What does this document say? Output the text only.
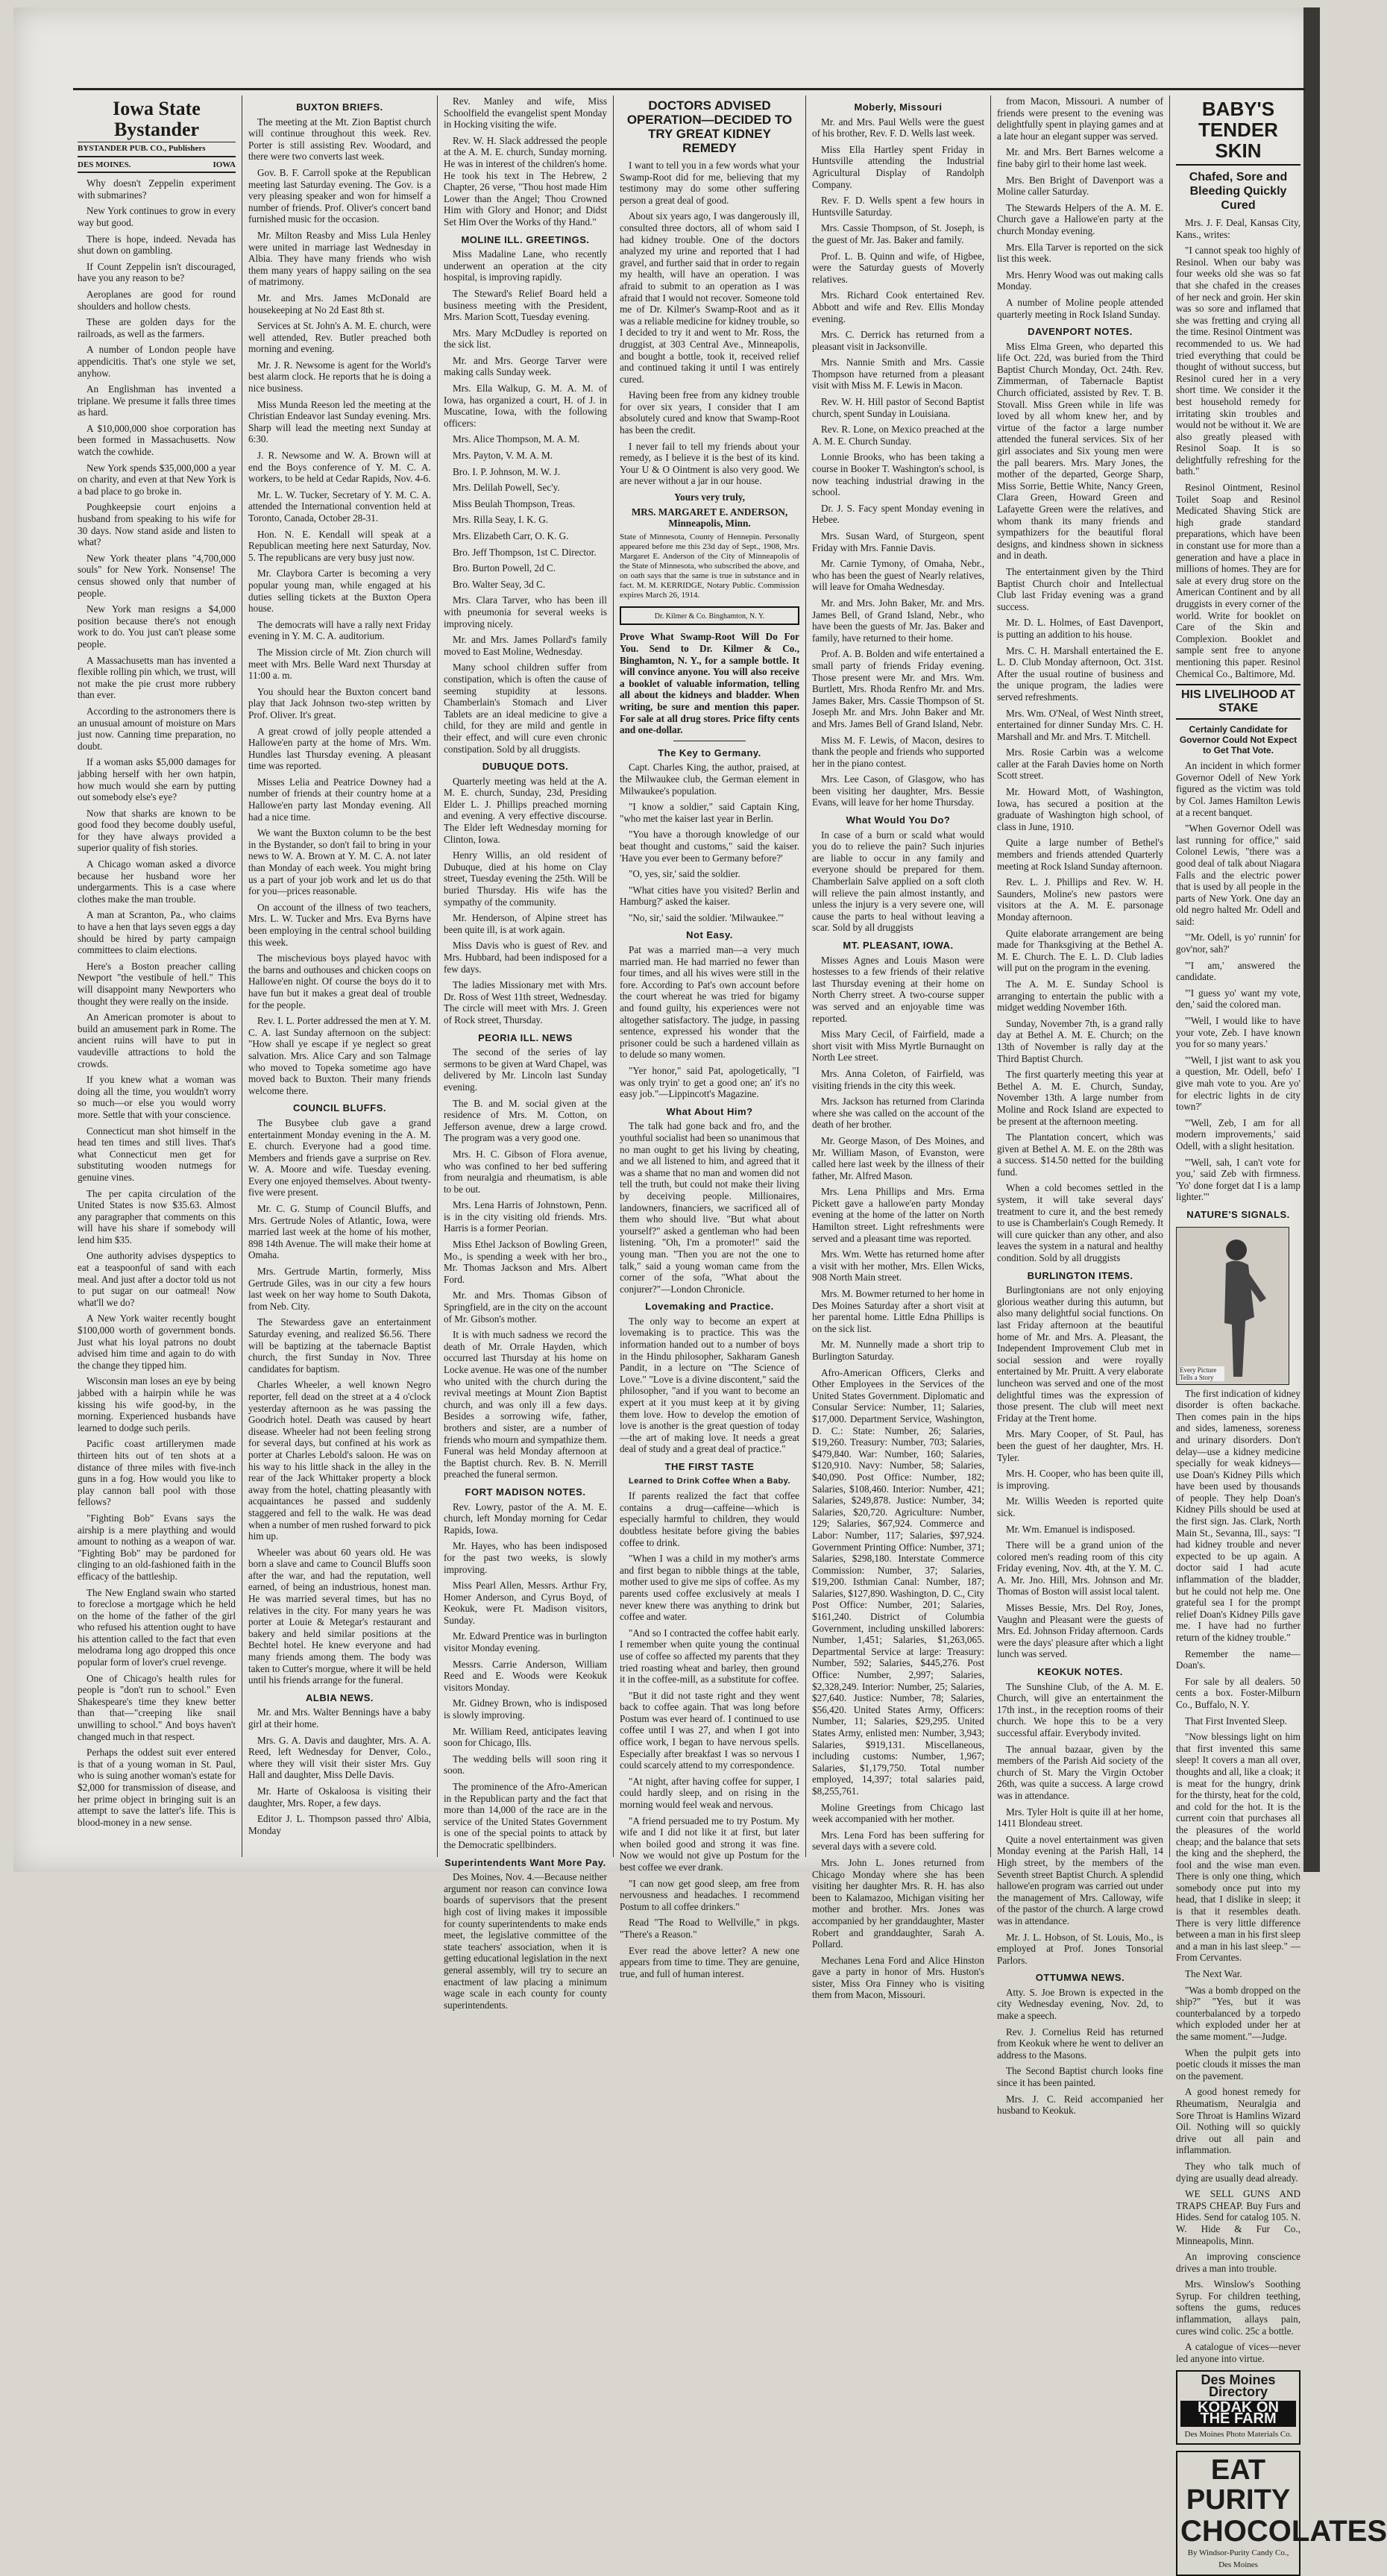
Iowa State Bystander
BYSTANDER PUB. CO., Publishers
DES MOINES.	IOWA
Why doesn't Zeppelin experiment with submarines?
New York continues to grow in every way but good.
There is hope, indeed. Nevada has shut down on gambling.
If Count Zeppelin isn't discouraged, have you any reason to be?
Aeroplanes are good for round shoulders and hollow chests.
These are golden days for the railroads, as well as the farmers.
A number of London people have appendicitis. That's one style we set, anyhow.
An Englishman has invented a triplane. We presume it falls three times as hard.
A $10,000,000 shoe corporation has been formed in Massachusetts. Now watch the cowhide.
New York spends $35,000,000 a year on charity, and even at that New York is a bad place to go broke in.
Poughkeepsie court enjoins a husband from speaking to his wife for 30 days. Now stand aside and listen to what?
New York theater plans "4,700,000 souls" for New York. Nonsense! The census showed only that number of people.
New York man resigns a $4,000 position because there's not enough work to do. You just can't please some people.
A Massachusetts man has invented a flexible rolling pin which, we trust, will not make the pie crust more rubbery than ever.
According to the astronomers there is an unusual amount of moisture on Mars just now. Canning time preparation, no doubt.
If a woman asks $5,000 damages for jabbing herself with her own hatpin, how much would she earn by putting out somebody else's eye?
Now that sharks are known to be good food they become doubly useful, for they have always provided a superior quality of fish stories.
A Chicago woman asked a divorce because her husband wore her undergarments. This is a case where clothes make the man trouble.
A man at Scranton, Pa., who claims to have a hen that lays seven eggs a day should be hired by party campaign committees to claim elections.
Here's a Boston preacher calling Newport "the vestibule of hell." This will disappoint many Newporters who thought they were really on the inside.
An American promoter is about to build an amusement park in Rome. The ancient ruins will have to put in vaudeville attractions to hold the crowds.
If you knew what a woman was doing all the time, you wouldn't worry so much—or else you would worry more. Settle that with your conscience.
Connecticut man shot himself in the head ten times and still lives. That's what Connecticut men get for substituting wooden nutmegs for genuine vines.
The per capita circulation of the United States is now $35.63. Almost any paragrapher that comments on this will have his share if somebody will lend him $35.
One authority advises dyspeptics to eat a teaspoonful of sand with each meal. And just after a doctor told us not to put sugar on our oatmeal! Now what'll we do?
A New York waiter recently bought $100,000 worth of government bonds. Just what his loyal patrons no doubt advised him time and again to do with the change they tipped him.
Wisconsin man loses an eye by being jabbed with a hairpin while he was kissing his wife good-by, in the morning. Experienced husbands have learned to dodge such perils.
Pacific coast artillerymen made thirteen hits out of ten shots at a distance of three miles with five-inch guns in a fog. How would you like to play cannon ball pool with those fellows?
"Fighting Bob" Evans says the airship is a mere plaything and would amount to nothing as a weapon of war. "Fighting Bob" may be pardoned for clinging to an old-fashioned faith in the efficacy of the battleship.
The New England swain who started to foreclose a mortgage which he held on the home of the father of the girl who refused his attention ought to have his attention called to the fact that even melodrama long ago dropped this once popular form of lover's cruel revenge.
One of Chicago's health rules for people is "don't run to school." Even Shakespeare's time they knew better than that—"creeping like snail unwilling to school." And boys haven't changed much in that respect.
Perhaps the oddest suit ever entered is that of a young woman in St. Paul, who is suing another woman's estate for $2,000 for transmission of disease, and her prime object in bringing suit is an attempt to save the latter's life. This is blood-money in a new sense.
BUXTON BRIEFS.
The meeting at the Mt. Zion Baptist church will continue throughout this week. Rev. Porter is still assisting Rev. Woodard, and there were two converts last week.
Gov. B. F. Carroll spoke at the Republican meeting last Saturday evening. The Gov. is a very pleasing speaker and won for himself a number of friends. Prof. Oliver's concert band furnished music for the occasion.
Mr. Milton Reasby and Miss Lula Henley were united in marriage last Wednesday in Albia. They have many friends who wish them many years of happy sailing on the sea of matrimony.
Mr. and Mrs. James McDonald are housekeeping at No 2d East 8th st.
Services at St. John's A. M. E. church, were well attended, Rev. Butler preached both morning and evening.
Mr. J. R. Newsome is agent for the World's best alarm clock. He reports that he is doing a nice business.
Miss Munda Reeson led the meeting at the Christian Endeavor last Sunday evening. Mrs. Sharp will lead the meeting next Sunday at 6:30.
J. R. Newsome and W. A. Brown will at end the Boys conference of Y. M. C. A. workers, to be held at Cedar Rapids, Nov. 4-6.
Mr. L. W. Tucker, Secretary of Y. M. C. A. attended the International convention held at Toronto, Canada, October 28-31.
Hon. N. E. Kendall will speak at a Republican meeting here next Saturday, Nov. 5. The republicans are very busy just now.
Mr. Claybora Carter is becoming a very popular young man, while engaged at his duties selling tickets at the Buxton Opera house.
The democrats will have a rally next Friday evening in Y. M. C. A. auditorium.
The Mission circle of Mt. Zion church will meet with Mrs. Belle Ward next Thursday at 11:00 a. m.
You should hear the Buxton concert band play that Jack Johnson two-step written by Prof. Oliver. It's great.
A great crowd of jolly people attended a Hallowe'en party at the home of Mrs. Wm. Hundles last Thursday evening. A pleasant time was reported.
Misses Lelia and Peatrice Downey had a number of friends at their country home at a Hallowe'en party last Monday evening. All had a nice time.
We want the Buxton column to be the best in the Bystander, so don't fail to bring in your news to W. A. Brown at Y. M. C. A. not later than Monday of each week. You might bring us a part of your job work and let us do that for you—prices reasonable.
On account of the illness of two teachers, Mrs. L. W. Tucker and Mrs. Eva Byrns have been employing in the central school building this week.
The mischevious boys played havoc with the barns and outhouses and chicken coops on Hallowe'en night. Of course the boys do it to have fun but it makes a great deal of trouble for the people.
Rev. I. L. Porter addressed the men at Y. M. C. A. last Sunday afternoon on the subject: "How shall ye escape if ye neglect so great salvation. Mrs. Alice Cary and son Talmage who moved to Topeka sometime ago have moved back to Buxton. Their many friends welcome there.
COUNCIL BLUFFS.
The Busybee club gave a grand entertainment Monday evening in the A. M. E. church. Everyone had a good time. Members and friends gave a surprise on Rev. W. A. Moore and wife. Tuesday evening. Every one enjoyed themselves. About twenty-five were present.
Mr. C. G. Stump of Council Bluffs, and Mrs. Gertrude Noles of Atlantic, Iowa, were married last week at the home of his mother, 898 14th Avenue. The will make their home at Omaha.
Mrs. Gertrude Martin, formerly, Miss Gertrude Giles, was in our city a few hours last week on her way home to South Dakota, from Neb. City.
The Stewardess gave an entertainment Saturday evening, and realized $6.56. There will be baptizing at the tabernacle Baptist church, the first Sunday in Nov. Three candidates for baptism.
Charles Wheeler, a well known Negro reporter, fell dead on the street at a 4 o'clock yesterday afternoon as he was passing the Goodrich hotel. Death was caused by heart disease. Wheeler had not been feeling strong for several days, but confined at his work as porter at Charles Lebold's saloon. He was on his way to his little shack in the alley in the rear of the Jack Whittaker property a block away from the hotel, chatting pleasantly with acquaintances he passed and suddenly staggered and fell to the walk. He was dead when a number of men rushed forward to pick him up.
Wheeler was about 60 years old. He was born a slave and came to Council Bluffs soon after the war, and had the reputation, well earned, of being an industrious, honest man. He was married several times, but has no relatives in the city. For many years he was porter at Louie & Metegar's restaurant and bakery and held similar positions at the Bechtel hotel. He knew everyone and had many friends among them. The body was taken to Cutter's morgue, where it will be held until his friends arrange for the funeral.
ALBIA NEWS.
Mr. and Mrs. Walter Bennings have a baby girl at their home.
Mrs. G. A. Davis and daughter, Mrs. A. A. Reed, left Wednesday for Denver, Colo., where they will visit their sister Mrs. Guy Hall and daughter, Miss Delle Davis.
Mr. Harte of Oskaloosa is visiting their daughter, Mrs. Roper, a few days.
Editor J. L. Thompson passed thro' Albia, Monday
Rev. Manley and wife, Miss Schoolfield the evangelist spent Monday in Hocking visiting the wife.
Rev. W. H. Slack addressed the people at the A. M. E. church, Sunday morning. He was in interest of the children's home. He took his text in The Hebrew, 2 Chapter, 26 verse, "Thou host made Him Lower than the Angel; Thou Crowned Him with Glory and Honor; and Didst Set Him Over the Works of thy Hand."
MOLINE ILL. GREETINGS.
Miss Madaline Lane, who recently underwent an operation at the city hospital, is improving rapidly.
The Steward's Relief Board held a business meeting with the President, Mrs. Marion Scott, Tuesday evening.
Mrs. Mary McDudley is reported on the sick list.
Mr. and Mrs. George Tarver were making calls Sunday week.
Mrs. Ella Walkup, G. M. A. M. of Iowa, has organized a court, H. of J. in Muscatine, Iowa, with the following officers:
Mrs. Alice Thompson, M. A. M.
Mrs. Payton, V. M. A. M.
Bro. I. P. Johnson, M. W. J.
Mrs. Delilah Powell, Sec'y.
Miss Beulah Thompson, Treas.
Mrs. Rilla Seay, I. K. G.
Mrs. Elizabeth Carr, O. K. G.
Bro. Jeff Thompson, 1st C. Director.
Bro. Burton Powell, 2d C.
Bro. Walter Seay, 3d C.
Mrs. Clara Tarver, who has been ill with pneumonia for several weeks is improving nicely.
Mr. and Mrs. James Pollard's family moved to East Moline, Wednesday.
Many school children suffer from constipation, which is often the cause of seeming stupidity at lessons. Chamberlain's Stomach and Liver Tablets are an ideal medicine to give a child, for they are mild and gentle in their effect, and will cure even chronic constipation. Sold by all druggists.
DUBUQUE DOTS.
Quarterly meeting was held at the A. M. E. church, Sunday, 23d, Presiding Elder L. J. Phillips preached morning and evening. A very effective discourse. The Elder left Wednesday morning for Clinton, Iowa.
Henry Willis, an old resident of Dubuque, died at his home on Clay street, Tuesday evening the 25th. Will be buried Thursday. His wife has the sympathy of the community.
Mr. Henderson, of Alpine street has been quite ill, is at work again.
Miss Davis who is guest of Rev. and Mrs. Hubbard, had been indisposed for a few days.
The ladies Missionary met with Mrs. Dr. Ross of West 11th street, Wednesday. The circle will meet with Mrs. J. Green of Rock street, Thursday.
PEORIA ILL. NEWS
The second of the series of lay sermons to be given at Ward Chapel, was delivered by Mr. Lincoln last Sunday evening.
The B. and M. social given at the residence of Mrs. M. Cotton, on Jefferson avenue, drew a large crowd. The program was a very good one.
Mrs. H. C. Gibson of Flora avenue, who was confined to her bed suffering from neuralgia and rheumatism, is able to be out.
Mrs. Lena Harris of Johnstown, Penn. is in the city visiting old friends. Mrs. Harris is a former Peorian.
Miss Ethel Jackson of Bowling Green, Mo., is spending a week with her bro., Mr. Thomas Jackson and Mrs. Albert Ford.
Mr. and Mrs. Thomas Gibson of Springfield, are in the city on the account of Mr. Gibson's mother.
It is with much sadness we record the death of Mr. Orrale Hayden, which occurred last Thursday at his home on Locke avenue. He was one of the number who united with the church during the revival meetings at Mount Zion Baptist church, and was only ill a few days. Besides a sorrowing wife, father, brothers and sister, are a number of friends who mourn and sympathize them. Funeral was held Monday afternoon at the Baptist church. Rev. B. N. Merrill preached the funeral sermon.
FORT MADISON NOTES.
Rev. Lowry, pastor of the A. M. E. church, left Monday morning for Cedar Rapids, Iowa.
Mr. Hayes, who has been indisposed for the past two weeks, is slowly improving.
Miss Pearl Allen, Messrs. Arthur Fry, Homer Anderson, and Cyrus Boyd, of Keokuk, were Ft. Madison visitors, Sunday.
Mr. Edward Prentice was in burlington visitor Monday evening.
Messrs. Carrie Anderson, William Reed and E. Woods were Keokuk visitors Monday.
Mr. Gidney Brown, who is indisposed is slowly improving.
Mr. William Reed, anticipates leaving soon for Chicago, Ills.
The wedding bells will soon ring it soon.
The prominence of the Afro-American in the Republican party and the fact that more than 14,000 of the race are in the service of the United States Government is one of the special points to attack by the Democratic spellbinders.
Superintendents Want More Pay.
Des Moines, Nov. 4.—Because neither argument nor reason can convince Iowa boards of supervisors that the present high cost of living makes it impossible for county superintendents to make ends meet, the legislative committee of the state teachers' association, when it is getting educational legislation in the next general assembly, will try to secure an enactment of law placing a minimum wage scale in each county for county superintendents.
DOCTORS ADVISED OPERATION—DECIDED TO TRY GREAT KIDNEY REMEDY
I want to tell you in a few words what your Swamp-Root did for me, believing that my testimony may do some other suffering person a great deal of good.
About six years ago, I was dangerously ill, consulted three doctors, all of whom said I had kidney trouble. One of the doctors analyzed my urine and reported that I had gravel, and further said that in order to regain my health, will have an operation. I was afraid to submit to an operation as I was afraid that I would not recover. Someone told me of Dr. Kilmer's Swamp-Root and as it was a reliable medicine for kidney trouble, so I decided to try it and went to Mr. Ross, the druggist, at 303 Central Ave., Minneapolis, and bought a bottle, took it, received relief and continued taking it until I was entirely cured.
Having been free from any kidney trouble for over six years, I consider that I am absolutely cured and know that Swamp-Root has been the credit.
I never fail to tell my friends about your remedy, as I believe it is the best of its kind. Your U & O Ointment is also very good. We are never without a jar in our house.
Yours very truly,
MRS. MARGARET E. ANDERSON, Minneapolis, Minn.
State of Minnesota, County of Hennepin. Personally appeared before me this 23d day of Sept., 1908, Mrs. Margaret E. Anderson of the City of Minneapolis of the State of Minnesota, who subscribed the above, and on oath says that the same is true in substance and in fact. M. M. KERRIDGE, Notary Public. Commission expires March 26, 1914.
Dr. Kilmer & Co. Binghamton, N. Y.
Prove What Swamp-Root Will Do For You. Send to Dr. Kilmer & Co., Binghamton, N. Y., for a sample bottle. It will convince anyone. You will also receive a booklet of valuable information, telling all about the kidneys and bladder. When writing, be sure and mention this paper. For sale at all drug stores. Price fifty cents and one-dollar.
The Key to Germany.
Capt. Charles King, the author, praised, at the Milwaukee club, the German element in Milwaukee's population.
"I know a soldier," said Captain King, "who met the kaiser last year in Berlin.
"You have a thorough knowledge of our beat thought and customs," said the kaiser. 'Have you ever been to Germany before?'
"O, yes, sir,' said the soldier.
"What cities have you visited? Berlin and Hamburg?' asked the kaiser.
"No, sir,' said the soldier. 'Milwaukee.'"
Not Easy.
Pat was a married man—a very much married man. He had married no fewer than four times, and all his wives were still in the fore. According to Pat's own account before the court whereat he was tried for bigamy and found guilty, his experiences were not altogether satisfactory. The judge, in passing sentence, expressed his wonder that the prisoner could be such a hardened villain as to delude so many women.
"Yer honor," said Pat, apologetically, "I was only tryin' to get a good one; an' it's no easy job."—Lippincott's Magazine.
What About Him?
The talk had gone back and fro, and the youthful socialist had been so unanimous that no man ought to get his living by cheating, and we all listened to him, and agreed that it was a shame that no man and women did not tell the truth, but could not make their living by deceiving people. Millionaires, landowners, financiers, we sacrificed all of them who should live. "But what about yourself?" asked a gentleman who had been listening. "Oh, I'm a promoter!" said the young man. "Then you are not the one to talk," said a young woman came from the corner of the sofa, "What about the conjurer?"—London Chronicle.
Lovemaking and Practice.
The only way to become an expert at lovemaking is to practice. This was the information handed out to a number of boys in the Hindu philosopher, Sakharam Ganesh Pandit, in a lecture on "The Science of Love." "Love is a divine discontent," said the philosopher, "and if you want to become an expert at it you must keep at it by giving them love. How to develop the emotion of love is another is the great question of today—the art of making love. It needs a great deal of study and a great deal of practice."
THE FIRST TASTE
Learned to Drink Coffee When a Baby.
If parents realized the fact that coffee contains a drug—caffeine—which is especially harmful to children, they would doubtless hesitate before giving the babies coffee to drink.
"When I was a child in my mother's arms and first began to nibble things at the table, mother used to give me sips of coffee. As my parents used coffee exclusively at meals I never knew there was anything to drink but coffee and water.
"And so I contracted the coffee habit early. I remember when quite young the continual use of coffee so affected my parents that they tried roasting wheat and barley, then ground it in the coffee-mill, as a substitute for coffee.
"But it did not taste right and they went back to coffee again. That was long before Postum was ever heard of. I continued to use coffee until I was 27, and when I got into office work, I began to have nervous spells. Especially after breakfast I was so nervous I could scarcely attend to my correspondence.
"At night, after having coffee for supper, I could hardly sleep, and on rising in the morning would feel weak and nervous.
"A friend persuaded me to try Postum. My wife and I did not like it at first, but later when boiled good and strong it was fine. Now we would not give up Postum for the best coffee we ever drank.
"I can now get good sleep, am free from nervousness and headaches. I recommend Postum to all coffee drinkers."
Read "The Road to Wellville," in pkgs. "There's a Reason."
Ever read the above letter? A new one appears from time to time. They are genuine, true, and full of human interest.
Moberly, Missouri
Mr. and Mrs. Paul Wells were the guest of his brother, Rev. F. D. Wells last week.
Miss Ella Hartley spent Friday in Huntsville attending the Industrial Agricultural Display of Randolph Company.
Rev. F. D. Wells spent a few hours in Huntsville Saturday.
Mrs. Cassie Thompson, of St. Joseph, is the guest of Mr. Jas. Baker and family.
Prof. L. B. Quinn and wife, of Higbee, were the Saturday guests of Moverly relatives.
Mrs. Richard Cook entertained Rev. Abbott and wife and Rev. Ellis Monday evening.
Mrs. C. Derrick has returned from a pleasant visit in Jacksonville.
Mrs. Nannie Smith and Mrs. Cassie Thompson have returned from a pleasant visit with Miss M. F. Lewis in Macon.
Rev. W. H. Hill pastor of Second Baptist church, spent Sunday in Louisiana.
Rev. R. Lone, on Mexico preached at the A. M. E. Church Sunday.
Lonnie Brooks, who has been taking a course in Booker T. Washington's school, is now teaching industrial drawing in the school.
Dr. J. S. Facy spent Monday evening in Hebee.
Mrs. Susan Ward, of Sturgeon, spent Friday with Mrs. Fannie Davis.
Mr. Carnie Tymony, of Omaha, Nebr., who has been the guest of Nearly relatives, will leave for Omaha Wednesday.
Mr. and Mrs. John Baker, Mr. and Mrs. James Bell, of Grand Island, Nebr., who have been the guests of Mr. Jas. Baker and family, have returned to their home.
Prof. A. B. Bolden and wife entertained a small party of friends Friday evening. Those present were Mr. and Mrs. Wm. Burtlett, Mrs. Rhoda Renfro Mr. and Mrs. James Baker, Mrs. Cassie Thompson of St. Joseph Mr. and Mrs. John Baker and Mr. and Mrs. James Bell of Grand Island, Nebr.
Miss M. F. Lewis, of Macon, desires to thank the people and friends who supported her in the piano contest.
Mrs. Lee Cason, of Glasgow, who has been visiting her daughter, Mrs. Bessie Evans, will leave for her home Thursday.
What Would You Do?
In case of a burn or scald what would you do to relieve the pain? Such injuries are liable to occur in any family and everyone should be prepared for them. Chamberlain Salve applied on a soft cloth will relieve the pain almost instantly, and unless the injury is a very severe one, will cause the parts to heal without leaving a scar. Sold by all druggists
MT. PLEASANT, IOWA.
Misses Agnes and Louis Mason were hostesses to a few friends of their relative last Thursday evening at their home on North Cherry street. A two-course supper was served and an enjoyable time was reported.
Miss Mary Cecil, of Fairfield, made a short visit with Miss Myrtle Burnaught on North Lee street.
Mrs. Anna Coleton, of Fairfield, was visiting friends in the city this week.
Mrs. Jackson has returned from Clarinda where she was called on the account of the death of her brother.
Mr. George Mason, of Des Moines, and Mr. William Mason, of Evanston, were called here last week by the illness of their father, Mr. Alfred Mason.
Mrs. Lena Phillips and Mrs. Erma Pickett gave a hallowe'en party Monday evening at the home of the latter on North Hamilton street. Light refreshments were served and a pleasant time was reported.
Mrs. Wm. Wette has returned home after a visit with her mother, Mrs. Ellen Wicks, 908 North Main street.
Mrs. M. Bowmer returned to her home in Des Moines Saturday after a short visit at her parental home. Little Edna Phillips is on the sick list.
Mr. M. Nunnelly made a short trip to Burlington Saturday.
Afro-American Officers, Clerks and Other Employees in the Services of the United States Government. Diplomatic and Consular Service: Number, 11; Salaries, $17,000. Department Service, Washington, D. C.: State: Number, 26; Salaries, $19,260. Treasury: Number, 703; Salaries, $479,840. War: Number, 160; Salaries, $120,910. Navy: Number, 58; Salaries, $40,090. Post Office: Number, 182; Salaries, $108,460. Interior: Number, 421; Salaries, $249,878. Justice: Number, 34; Salaries, $20,720. Agriculture: Number, 129; Salaries, $67,924. Commerce and Labor: Number, 117; Salaries, $97,924. Government Printing Office: Number, 371; Salaries, $298,180. Interstate Commerce Commission: Number, 37; Salaries, $19,200. Isthmian Canal: Number, 187; Salaries, $127,890. Washington, D. C., City Post Office: Number, 201; Salaries, $161,240. District of Columbia Government, including unskilled laborers: Number, 1,451; Salaries, $1,263,065. Departmental Service at large: Treasury: Number, 592; Salaries, $445,276. Post Office: Number, 2,997; Salaries, $2,328,249. Interior: Number, 25; Salaries, $27,640. Justice: Number, 78; Salaries, $56,420. United States Army, Officers: Number, 11; Salaries, $29,295. United States Army, enlisted men: Number, 3,943; Salaries, $919,131. Miscellaneous, including customs: Number, 1,967; Salaries, $1,179,750. Total number employed, 14,397; total salaries paid, $8,255,761.
Moline Greetings from Chicago last week accompanied with her mother.
Mrs. Lena Ford has been suffering for several days with a severe cold.
Mrs. John L. Jones returned from Chicago Monday where she has been visiting her daughter Mrs. R. H. has also been to Kalamazoo, Michigan visiting her mother and brother. Mrs. Jones was accompanied by her granddaughter, Master Robert and granddaughter, Sarah A. Pollard.
Mechanes Lena Ford and Alice Hinston gave a party in honor of Mrs. Huston's sister, Miss Ora Finney who is visiting them from Macon, Missouri.
from Macon, Missouri. A number of friends were present to the evening was delightfully spent in playing games and at a late hour an elegant supper was served.
Mr. and Mrs. Bert Barnes welcome a fine baby girl to their home last week.
Mrs. Ben Bright of Davenport was a Moline caller Saturday.
The Stewards Helpers of the A. M. E. Church gave a Hallowe'en party at the church Monday evening.
Mrs. Ella Tarver is reported on the sick list this week.
Mrs. Henry Wood was out making calls Monday.
A number of Moline people attended quarterly meeting in Rock Island Sunday.
DAVENPORT NOTES.
Miss Elma Green, who departed this life Oct. 22d, was buried from the Third Baptist Church Monday, Oct. 24th. Rev. Zimmerman, of Tabernacle Baptist Church officiated, assisted by Rev. T. B. Stovall. Miss Green while in life was loved by all whom knew her, and by virtue of the factor a large number attended the funeral services. Six of her girl associates and Six young men were the pall bearers. Mrs. Mary Jones, the mother of the departed, George Sharp, Miss Sorrie, Bettie White, Nancy Green, Clara Green, Howard Green and Lafayette Green were the relatives, and whom thank its many friends and sympathizers for the beautiful floral designs, and kindness shown in sickness and in death.
The entertainment given by the Third Baptist Church choir and Intellectual Club last Friday evening was a grand success.
Mr. D. L. Holmes, of East Davenport, is putting an addition to his house.
Mrs. C. H. Marshall entertained the E. L. D. Club Monday afternoon, Oct. 31st. After the usual routine of business and the unique program, the ladies were served refreshments.
Mrs. Wm. O'Neal, of West Ninth street, entertained for dinner Sunday Mrs. C. H. Marshall and Mr. and Mrs. T. Mitchell.
Mrs. Rosie Carbin was a welcome caller at the Farah Davies home on North Scott street.
Mr. Howard Mott, of Washington, Iowa, has secured a position at the graduate of Washington high school, of class in June, 1910.
Quite a large number of Bethel's members and friends attended Quarterly meeting at Rock Island Sunday afternoon.
Rev. L. J. Phillips and Rev. W. H. Saunders, Moline's new pastors were visitors at the A. M. E. parsonage Monday afternoon.
Quite elaborate arrangement are being made for Thanksgiving at the Bethel A. M. E. Church. The E. L. D. Club ladies will put on the program in the evening.
The A. M. E. Sunday School is arranging to entertain the public with a midget wedding November 16th.
Sunday, November 7th, is a grand rally day at Bethel A. M. E. Church; on the 13th of November is rally day at the Third Baptist Church.
The first quarterly meeting this year at Bethel A. M. E. Church, Sunday, November 13th. A large number from Moline and Rock Island are expected to be present at the afternoon meeting.
The Plantation concert, which was given at Bethel A. M. E. on the 28th was a success. $14.50 netted for the building fund.
When a cold becomes settled in the system, it will take several days' treatment to cure it, and the best remedy to use is Chamberlain's Cough Remedy. It will cure quicker than any other, and also leaves the system in a natural and healthy condition. Sold by all druggists
BURLINGTON ITEMS.
Burlingtonians are not only enjoying glorious weather during this autumn, but also many delightful social functions. On last Friday afternoon at the beautiful home of Mr. and Mrs. A. Pleasant, the Independent Improvement Club met in social session and were royally entertained by Mr. Pruitt. A very elaborate luncheon was served and one of the most delightful times was the expression of those present. The club will meet next Friday at the Trent home.
Mrs. Mary Cooper, of St. Paul, has been the guest of her daughter, Mrs. H. Tyler.
Mrs. H. Cooper, who has been quite ill, is improving.
Mr. Willis Weeden is reported quite sick.
Mr. Wm. Emanuel is indisposed.
There will be a grand union of the colored men's reading room of this city Friday evening, Nov. 4th, at the Y. M. C. A. Mr. Jno. Hill, Mrs. Johnson and Mr. Thomas of Boston will assist local talent.
Misses Bessie, Mrs. Del Roy, Jones, Vaughn and Pleasant were the guests of Mrs. Ed. Johnson Friday afternoon. Cards were the days' pleasure after which a light lunch was served.
KEOKUK NOTES.
The Sunshine Club, of the A. M. E. Church, will give an entertainment the 17th inst., in the reception rooms of their church. We hope this to be a very successful affair. Everybody invited.
The annual bazaar, given by the members of the Parish Aid society of the church of St. Mary the Virgin October 26th, was quite a success. A large crowd was in attendance.
Mrs. Tyler Holt is quite ill at her home, 1411 Blondeau street.
Quite a novel entertainment was given Monday evening at the Parish Hall, 14 High street, by the members of the Seventh street Baptist Church. A splendid hallowe'en program was carried out under the management of Mrs. Calloway, wife of the pastor of the church. A large crowd was in attendance.
Mr. J. L. Hobson, of St. Louis, Mo., is employed at Prof. Jones Tonsorial Parlors.
OTTUMWA NEWS.
Atty. S. Joe Brown is expected in the city Wednesday evening, Nov. 2d, to make a speech.
Rev. J. Cornelius Reid has returned from Keokuk where he went to deliver an address to the Masons.
The Second Baptist church looks fine since it has been painted.
Mrs. J. C. Reid accompanied her husband to Keokuk.
BABY'S TENDER SKIN
Chafed, Sore and Bleeding Quickly Cured
Mrs. J. F. Deal, Kansas City, Kans., writes:
"I cannot speak too highly of Resinol. When our baby was four weeks old she was so fat that she chafed in the creases of her neck and groin. Her skin was so sore and inflamed that she was fretting and crying all the time. Resinol Ointment was recommended to us. We had tried everything that could be thought of without success, but Resinol cured her in a very short time. We consider it the best household remedy for irritating skin troubles and would not be without it. We are also greatly pleased with Resinol Soap. It is so delightfully refreshing for the bath."
Resinol Ointment, Resinol Toilet Soap and Resinol Medicated Shaving Stick are high grade standard preparations, which have been in constant use for more than a generation and have a place in millions of homes. They are for sale at every drug store on the American Continent and by all druggists in every corner of the world. Write for booklet on Care of the Skin and Complexion. Booklet and sample sent free to anyone mentioning this paper. Resinol Chemical Co., Baltimore, Md.
HIS LIVELIHOOD AT STAKE
Certainly Candidate for Governor Could Not Expect to Get That Vote.
An incident in which former Governor Odell of New York figured as the victim was told by Col. James Hamilton Lewis at a recent banquet.
"When Governor Odell was last running for office," said Colonel Lewis, "there was a good deal of talk about Niagara Falls and the electric power that is used by all people in the parts of New York. One day an old negro halted Mr. Odell and said:
"'Mr. Odell, is yo' runnin' for gov'nor, sah?'
"'I am,' answered the candidate.
"'I guess yo' want my vote, den,' said the colored man.
"'Well, I would like to have your vote, Zeb. I have known you for so many years.'
"'Well, I jist want to ask you a question, Mr. Odell, befo' I give mah vote to you. Are yo' for electric lights in de city town?'
"'Well, Zeb, I am for all modern improvements,' said Odell, with a slight hesitation.
"'Well, sah, I can't vote for you,' said Zeb with firmness. 'Yo' done forget dat I is a lamp lighter.'"
NATURE'S SIGNALS.
Every Picture Tells a Story
The first indication of kidney disorder is often backache. Then comes pain in the hips and sides, lameness, soreness and urinary disorders. Don't delay—use a kidney medicine specially for weak kidneys—use Doan's Kidney Pills which have been used by thousands of people. They help Doan's Kidney Pills should be used at the first sign. Jas. Clark, North Main St., Sevanna, Ill., says: "I had kidney trouble and never expected to be up again. A doctor said I had acute inflammation of the bladder, but he could not help me. One grateful sea I for the prompt relief Doan's Kidney Pills gave me. I have had no further return of the kidney trouble."
Remember the name—Doan's.
For sale by all dealers. 50 cents a box. Foster-Milburn Co., Buffalo, N. Y.
That First Invented Sleep.
"Now blessings light on him that first invented this same sleep! It covers a man all over, thoughts and all, like a cloak; it is meat for the hungry, drink for the thirsty, heat for the cold, and cold for the hot. It is the current coin that purchases all the pleasures of the world cheap; and the balance that sets the king and the shepherd, the fool and the wise man even. There is only one thing, which somebody once put into my head, that I dislike in sleep; it is that it resembles death. There is very little difference between a man in his first sleep and a man in his last sleep." —From Cervantes.
The Next War.
"Was a bomb dropped on the ship?" "Yes, but it was counterbalanced by a torpedo which exploded under her at the same moment."—Judge.
When the pulpit gets into poetic clouds it misses the man on the pavement.
A good honest remedy for Rheumatism, Neuralgia and Sore Throat is Hamlins Wizard Oil. Nothing will so quickly drive out all pain and inflammation.
They who talk much of dying are usually dead already.
WE SELL GUNS AND TRAPS CHEAP. Buy Furs and Hides. Send for catalog 105. N. W. Hide & Fur Co., Minneapolis, Minn.
An improving conscience drives a man into trouble.
Mrs. Winslow's Soothing Syrup. For children teething, softens the gums, reduces inflammation, allays pain, cures wind colic. 25c a bottle.
A catalogue of vices—never led anyone into virtue.
Des Moines Directory
KODAK ON THE FARM
Des Moines Photo Materials Co.
EAT PURITY
CHOCOLATES
By Windsor-Purity Candy Co., Des Moines
